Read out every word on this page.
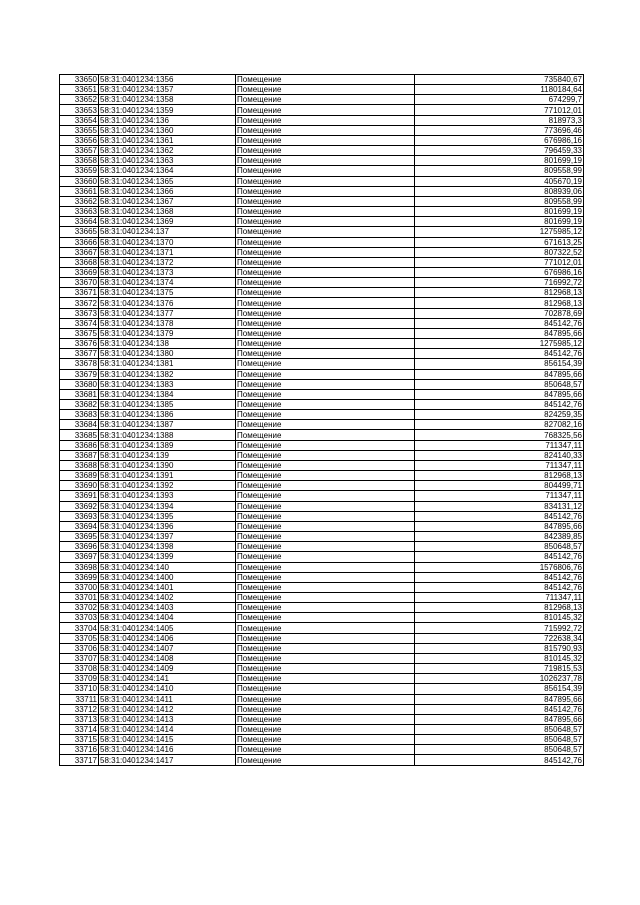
33650	58:31:0401234:1356	Помещение	735840,67
33651	58:31:0401234:1357	Помещение	1180184,64
33652	58:31:0401234:1358	Помещение	674299,7
33653	58:31:0401234:1359	Помещение	771012,01
33654	58:31:0401234:136	Помещение	818973,3
33655	58:31:0401234:1360	Помещение	773696,46
33656	58:31:0401234:1361	Помещение	676986,16
33657	58:31:0401234:1362	Помещение	796459,33
33658	58:31:0401234:1363	Помещение	801699,19
33659	58:31:0401234:1364	Помещение	809558,99
33660	58:31:0401234:1365	Помещение	405670,19
33661	58:31:0401234:1366	Помещение	808939,06
33662	58:31:0401234:1367	Помещение	809558,99
33663	58:31:0401234:1368	Помещение	801699,19
33664	58:31:0401234:1369	Помещение	801699,19
33665	58:31:0401234:137	Помещение	1275985,12
33666	58:31:0401234:1370	Помещение	671613,25
33667	58:31:0401234:1371	Помещение	807322,52
33668	58:31:0401234:1372	Помещение	771012,01
33669	58:31:0401234:1373	Помещение	676986,16
33670	58:31:0401234:1374	Помещение	716992,72
33671	58:31:0401234:1375	Помещение	812968,13
33672	58:31:0401234:1376	Помещение	812968,13
33673	58:31:0401234:1377	Помещение	702878,69
33674	58:31:0401234:1378	Помещение	845142,76
33675	58:31:0401234:1379	Помещение	847895,66
33676	58:31:0401234:138	Помещение	1275985,12
33677	58:31:0401234:1380	Помещение	845142,76
33678	58:31:0401234:1381	Помещение	856154,39
33679	58:31:0401234:1382	Помещение	847895,66
33680	58:31:0401234:1383	Помещение	850648,57
33681	58:31:0401234:1384	Помещение	847895,66
33682	58:31:0401234:1385	Помещение	845142,76
33683	58:31:0401234:1386	Помещение	824259,35
33684	58:31:0401234:1387	Помещение	827082,16
33685	58:31:0401234:1388	Помещение	768325,56
33686	58:31:0401234:1389	Помещение	711347,11
33687	58:31:0401234:139	Помещение	824140,33
33688	58:31:0401234:1390	Помещение	711347,11
33689	58:31:0401234:1391	Помещение	812968,13
33690	58:31:0401234:1392	Помещение	804499,71
33691	58:31:0401234:1393	Помещение	711347,11
33692	58:31:0401234:1394	Помещение	834131,12
33693	58:31:0401234:1395	Помещение	845142,76
33694	58:31:0401234:1396	Помещение	847895,66
33695	58:31:0401234:1397	Помещение	842389,85
33696	58:31:0401234:1398	Помещение	850648,57
33697	58:31:0401234:1399	Помещение	845142,76
33698	58:31:0401234:140	Помещение	1576806,76
33699	58:31:0401234:1400	Помещение	845142,76
33700	58:31:0401234:1401	Помещение	845142,76
33701	58:31:0401234:1402	Помещение	711347,11
33702	58:31:0401234:1403	Помещение	812968,13
33703	58:31:0401234:1404	Помещение	810145,32
33704	58:31:0401234:1405	Помещение	715992,72
33705	58:31:0401234:1406	Помещение	722638,34
33706	58:31:0401234:1407	Помещение	815790,93
33707	58:31:0401234:1408	Помещение	810145,32
33708	58:31:0401234:1409	Помещение	719815,53
33709	58:31:0401234:141	Помещение	1026237,78
33710	58:31:0401234:1410	Помещение	856154,39
33711	58:31:0401234:1411	Помещение	847895,66
33712	58:31:0401234:1412	Помещение	845142,76
33713	58:31:0401234:1413	Помещение	847895,66
33714	58:31:0401234:1414	Помещение	850648,57
33715	58:31:0401234:1415	Помещение	850648,57
33716	58:31:0401234:1416	Помещение	850648,57
33717	58:31:0401234:1417	Помещение	845142,76
